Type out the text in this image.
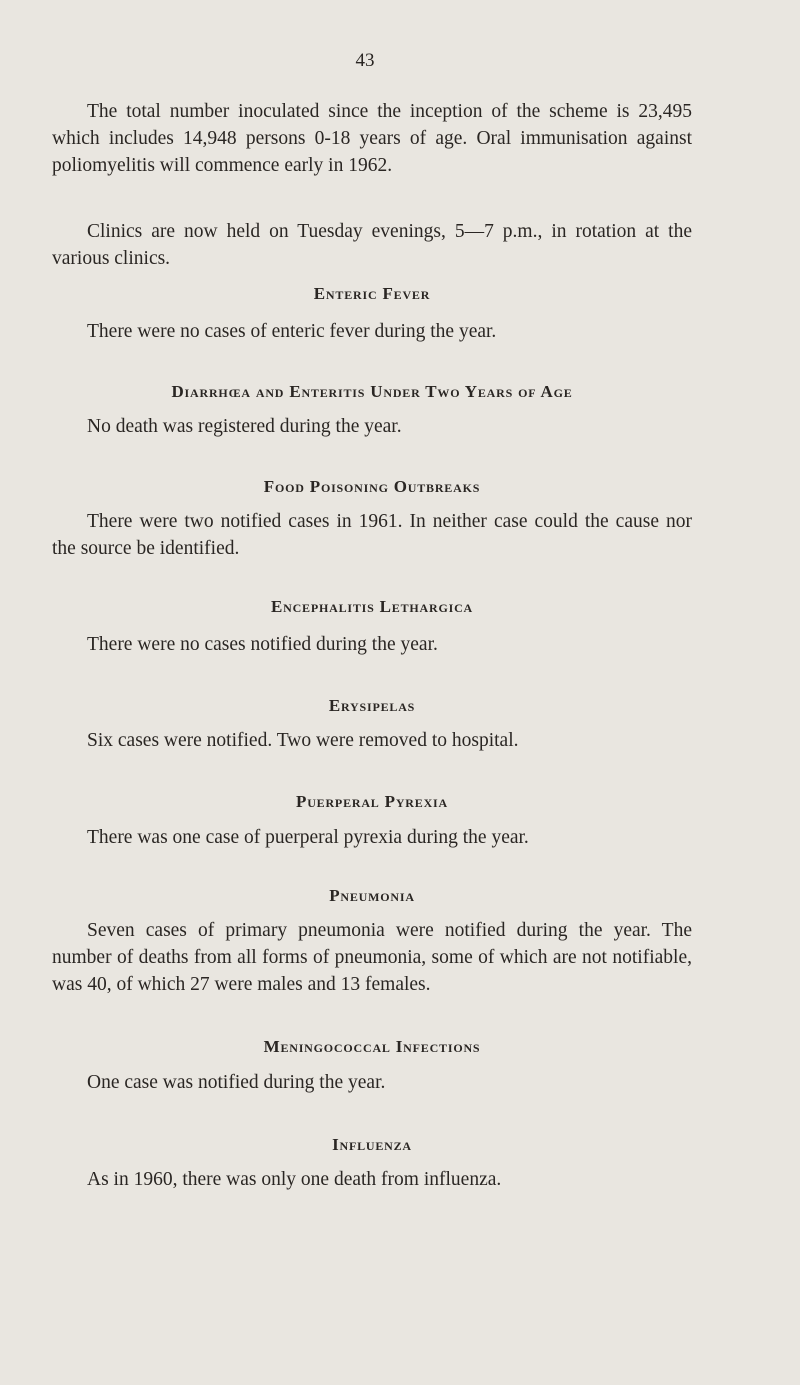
43

The total number inoculated since the inception of the scheme is 23,495 which includes 14,948 persons 0-18 years of age. Oral immunisation against poliomyelitis will commence early in 1962.

Clinics are now held on Tuesday evenings, 5—7 p.m., in rotation at the various clinics.

Enteric Fever

There were no cases of enteric fever during the year.

Diarrhœa and Enteritis Under Two Years of Age

No death was registered during the year.

Food Poisoning Outbreaks

There were two notified cases in 1961. In neither case could the cause nor the source be identified.

Encephalitis Lethargica

There were no cases notified during the year.

Erysipelas

Six cases were notified. Two were removed to hospital.

Puerperal Pyrexia

There was one case of puerperal pyrexia during the year.

Pneumonia

Seven cases of primary pneumonia were notified during the year. The number of deaths from all forms of pneumonia, some of which are not notifiable, was 40, of which 27 were males and 13 females.

Meningococcal Infections

One case was notified during the year.

Influenza

As in 1960, there was only one death from influenza.
